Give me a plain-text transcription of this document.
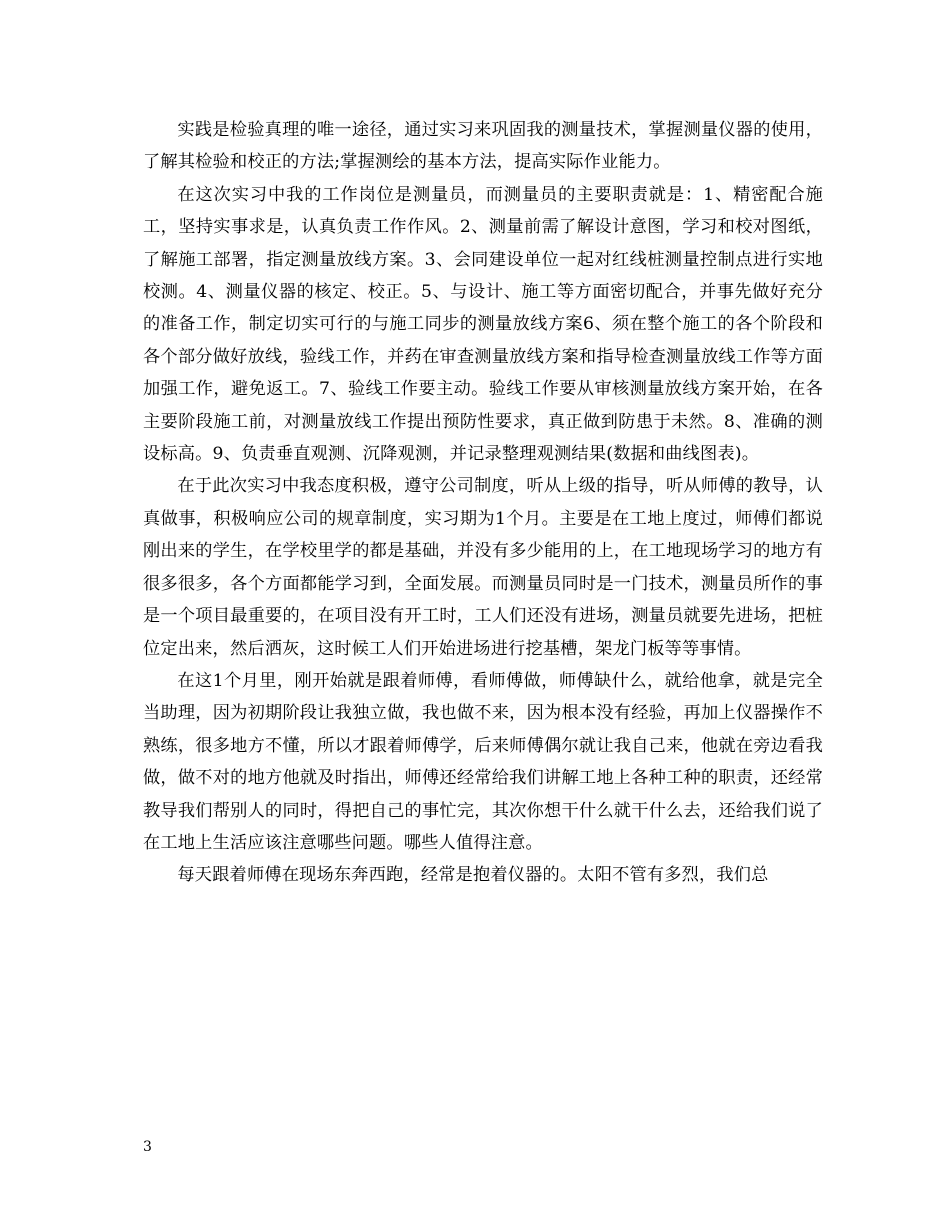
实践是检验真理的唯一途径，通过实习来巩固我的测量技术，掌握测量仪器的使用，了解其检验和校正的方法;掌握测绘的基本方法，提高实际作业能力。

在这次实习中我的工作岗位是测量员，而测量员的主要职责就是：1、精密配合施工，坚持实事求是，认真负责工作作风。2、测量前需了解设计意图，学习和校对图纸，了解施工部署，指定测量放线方案。3、会同建设单位一起对红线桩测量控制点进行实地校测。4、测量仪器的核定、校正。5、与设计、施工等方面密切配合，并事先做好充分的准备工作，制定切实可行的与施工同步的测量放线方案6、须在整个施工的各个阶段和各个部分做好放线，验线工作，并药在审查测量放线方案和指导检查测量放线工作等方面加强工作，避免返工。7、验线工作要主动。验线工作要从审核测量放线方案开始，在各主要阶段施工前，对测量放线工作提出预防性要求，真正做到防患于未然。8、准确的测设标高。9、负责垂直观测、沉降观测，并记录整理观测结果(数据和曲线图表)。

在于此次实习中我态度积极，遵守公司制度，听从上级的指导，听从师傅的教导，认真做事，积极响应公司的规章制度，实习期为1个月。主要是在工地上度过，师傅们都说刚出来的学生，在学校里学的都是基础，并没有多少能用的上，在工地现场学习的地方有很多很多，各个方面都能学习到，全面发展。而测量员同时是一门技术，测量员所作的事是一个项目最重要的，在项目没有开工时，工人们还没有进场，测量员就要先进场，把桩位定出来，然后洒灰，这时候工人们开始进场进行挖基槽，架龙门板等等事情。

在这1个月里，刚开始就是跟着师傅，看师傅做，师傅缺什么，就给他拿，就是完全当助理，因为初期阶段让我独立做，我也做不来，因为根本没有经验，再加上仪器操作不熟练，很多地方不懂，所以才跟着师傅学，后来师傅偶尔就让我自己来，他就在旁边看我做，做不对的地方他就及时指出，师傅还经常给我们讲解工地上各种工种的职责，还经常教导我们帮别人的同时，得把自己的事忙完，其次你想干什么就干什么去，还给我们说了在工地上生活应该注意哪些问题。哪些人值得注意。

每天跟着师傅在现场东奔西跑，经常是抱着仪器的。太阳不管有多烈，我们总

3
